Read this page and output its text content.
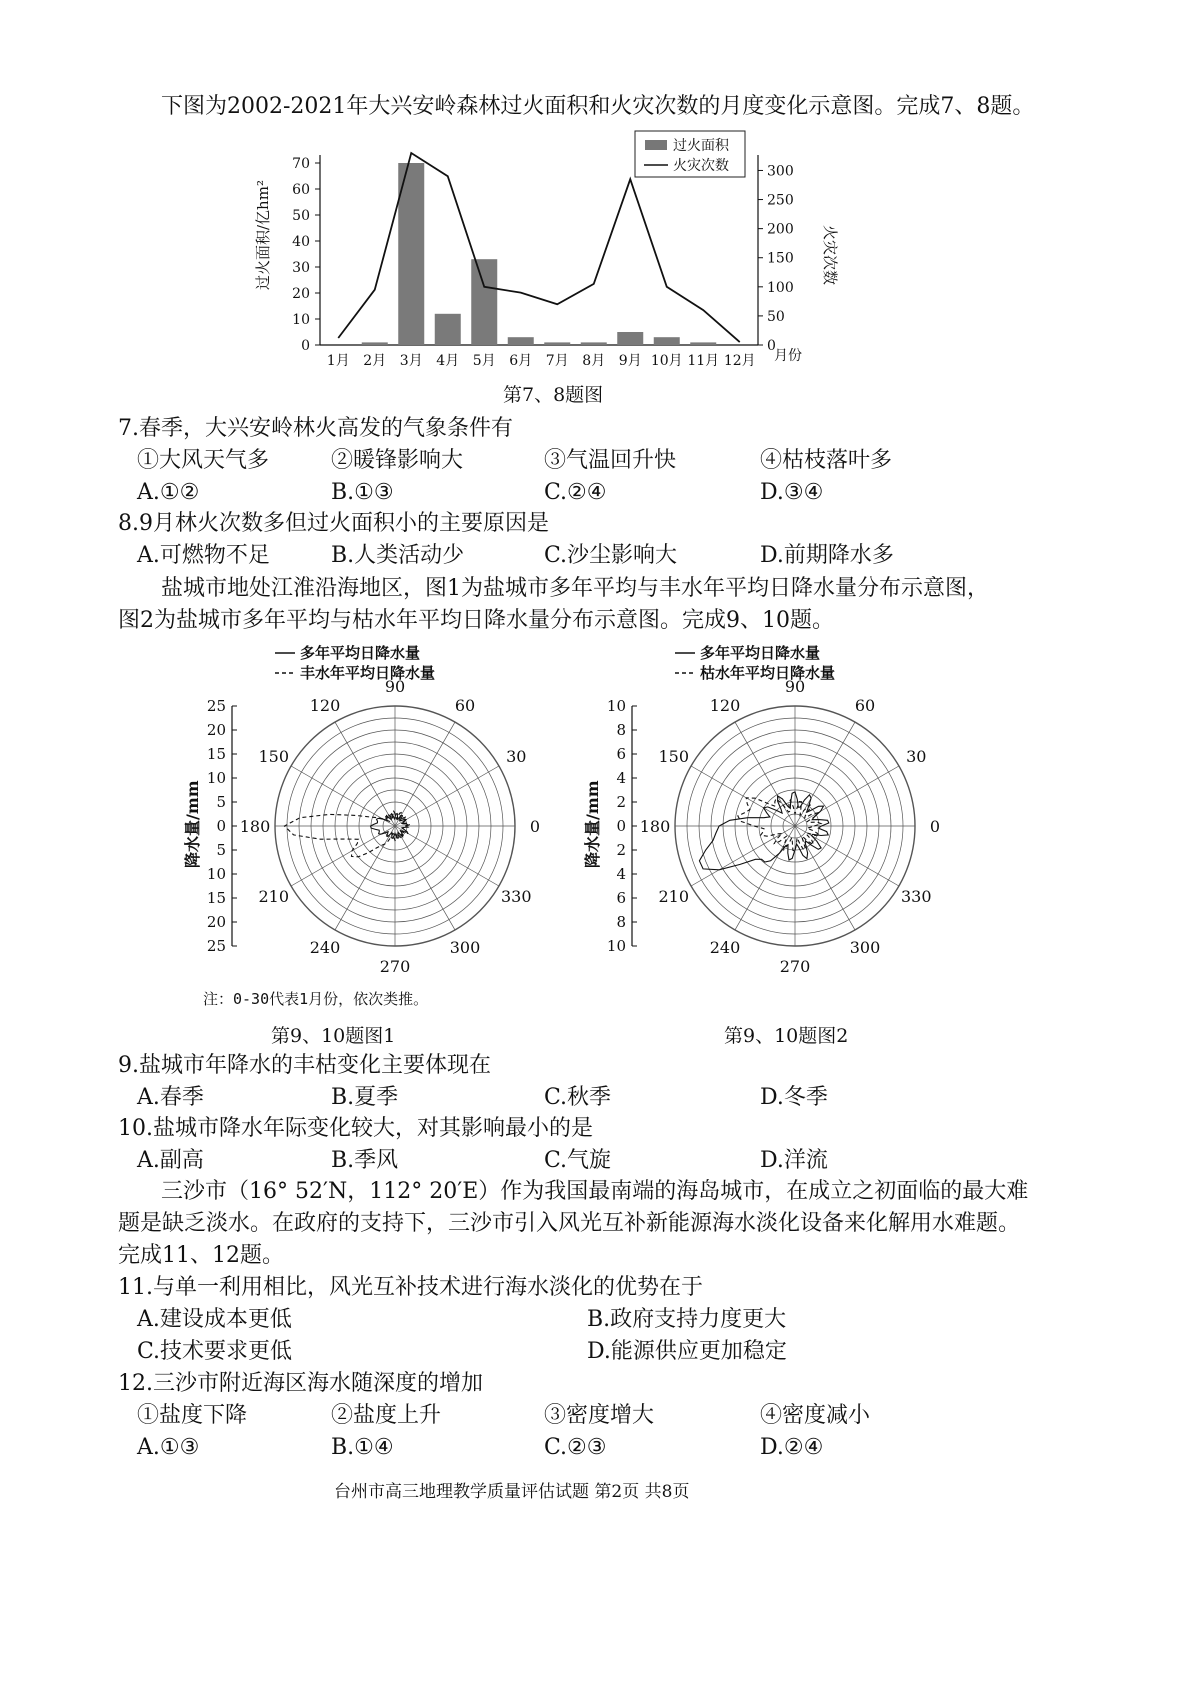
下图为2002-2021年大兴安岭森林过火面积和火灾次数的月度变化示意图。完成7、8题。
0
10
20
30
40
50
60
70
0
50
100
150
200
250
300
1月 2月 3月 4月 5月 6月 7月 8月 9月 10月 11月 12月
过火面积
火灾次数
过火面积/亿hm²	火灾次数
月份
第7、8题图
7.春季，大兴安岭林火高发的气象条件有
①大风天气多	②暖锋影响大	③气温回升快	④枯枝落叶多
A.①②	B.①③	C.②④	D.③④
8.9月林火次数多但过火面积小的主要原因是
A.可燃物不足	B.人类活动少	C.沙尘影响大	D.前期降水多
盐城市地处江淮沿海地区，图1为盐城市多年平均与丰水年平均日降水量分布示意图，
图2为盐城市多年平均与枯水年平均日降水量分布示意图。完成9、10题。
多年平均日降水量
丰水年平均日降水量
0
30
60
90
120
150
180
210
240
270
300
330
25
20
15
10
5
0
5
10
15
20
25
降水量/mm
注：0-30代表1月份，依次类推。
第9、10题图1
多年平均日降水量
枯水年平均日降水量
0
30
60
90
120
150
180
210
240
270
300
330
10
8
6
4
2
0
2
4
6
8
10
降水量/mm
第9、10题图2
9.盐城市年降水的丰枯变化主要体现在
A.春季	B.夏季	C.秋季	D.冬季
10.盐城市降水年际变化较大，对其影响最小的是
A.副高	B.季风	C.气旋	D.洋流
三沙市（16° 52′N，112° 20′E）作为我国最南端的海岛城市，在成立之初面临的最大难
题是缺乏淡水。在政府的支持下，三沙市引入风光互补新能源海水淡化设备来化解用水难题。
完成11、12题。
11.与单一利用相比，风光互补技术进行海水淡化的优势在于
A.建设成本更低	B.政府支持力度更大
C.技术要求更低	D.能源供应更加稳定
12.三沙市附近海区海水随深度的增加
①盐度下降	②盐度上升	③密度增大	④密度减小
A.①③	B.①④	C.②③	D.②④
台州市高三地理教学质量评估试题 第2页 共8页
